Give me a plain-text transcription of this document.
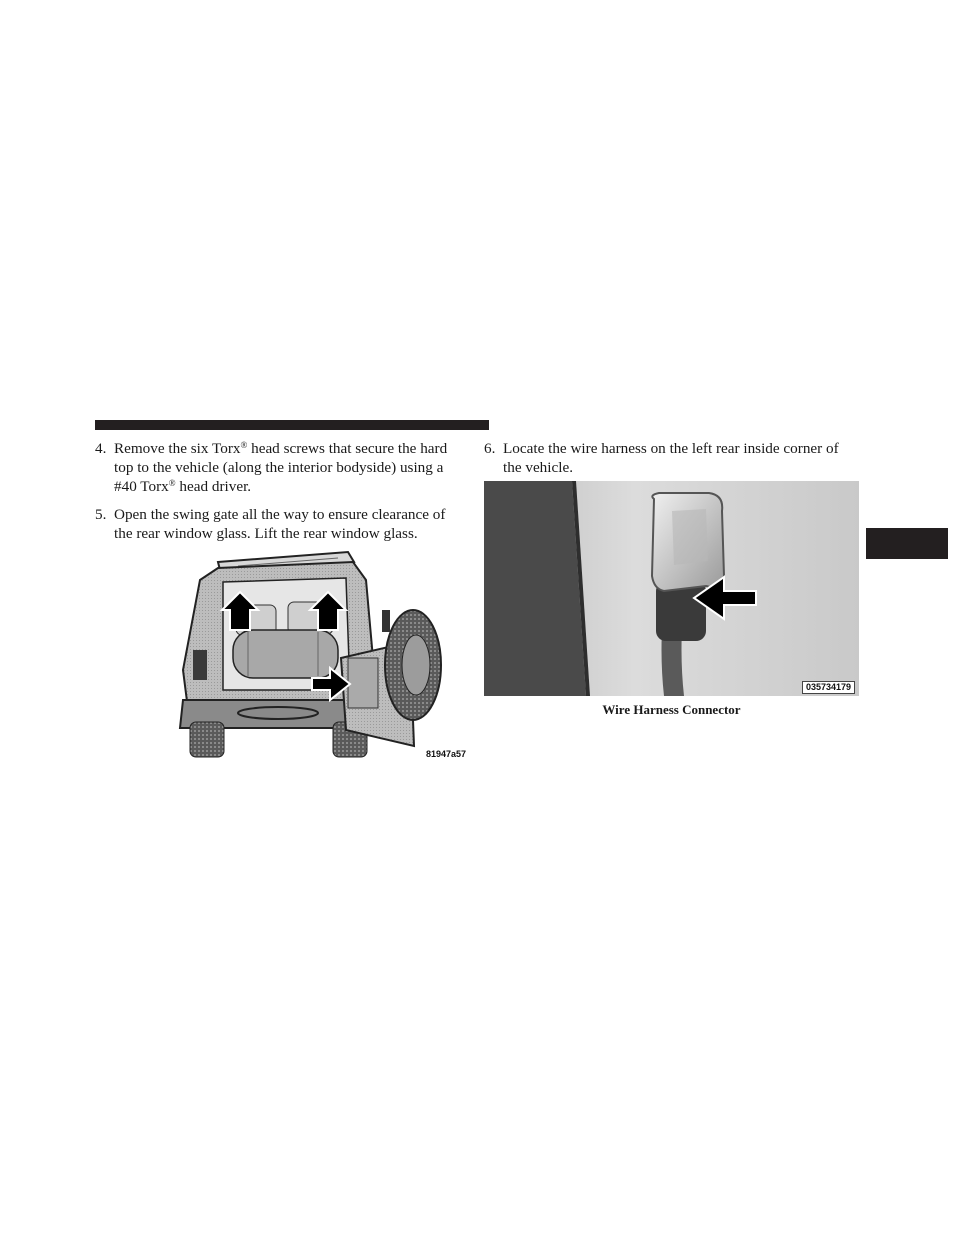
4. Remove the six Torx® head screws that secure the hard
top to the vehicle (along the interior bodyside) using a
#40 Torx® head driver.
5. Open the swing gate all the way to ensure clearance of
the rear window glass. Lift the rear window glass.
6. Locate the wire harness on the left rear inside corner of
the vehicle.
81947a57
035734179
Wire Harness Connector
